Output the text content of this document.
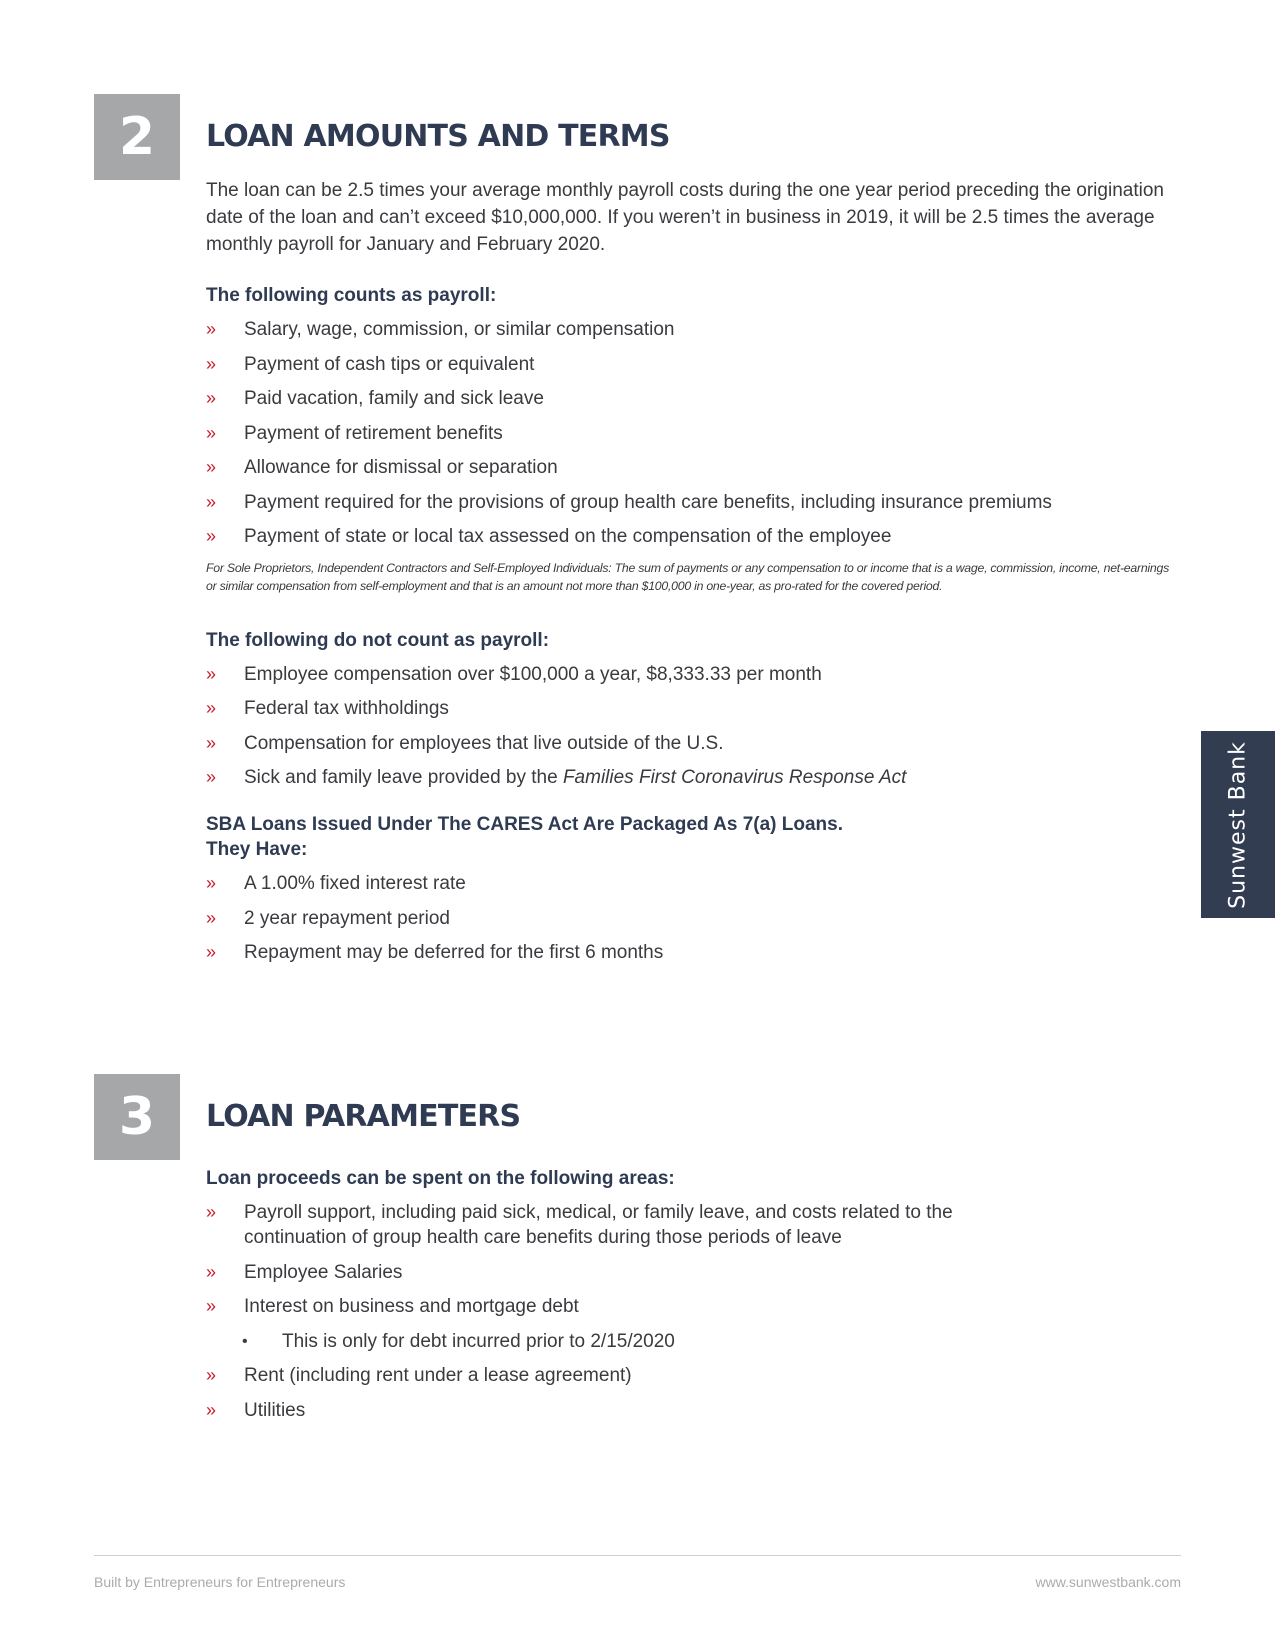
2	LOAN AMOUNTS AND TERMS

The loan can be 2.5 times your average monthly payroll costs during the one year period preceding the origination date of the loan and can’t exceed $10,000,000. If you weren’t in business in 2019, it will be 2.5 times the average monthly payroll for January and February 2020.

The following counts as payroll:

» Salary, wage, commission, or similar compensation
» Payment of cash tips or equivalent
» Paid vacation, family and sick leave
» Payment of retirement benefits
» Allowance for dismissal or separation
» Payment required for the provisions of group health care benefits, including insurance premiums
» Payment of state or local tax assessed on the compensation of the employee

For Sole Proprietors, Independent Contractors and Self-Employed Individuals: The sum of payments or any compensation to or income that is a wage, commission, income, net-earnings or similar compensation from self-employment and that is an amount not more than $100,000 in one-year, as pro-rated for the covered period.

The following do not count as payroll:

» Employee compensation over $100,000 a year, $8,333.33 per month
» Federal tax withholdings
» Compensation for employees that live outside of the U.S.
» Sick and family leave provided by the Families First Coronavirus Response Act

SBA Loans Issued Under The CARES Act Are Packaged As 7(a) Loans.
They Have:

» A 1.00% fixed interest rate
» 2 year repayment period
» Repayment may be deferred for the first 6 months
3	LOAN PARAMETERS

Loan proceeds can be spent on the following areas:

» Payroll support, including paid sick, medical, or family leave, and costs related to the continuation of group health care benefits during those periods of leave
» Employee Salaries
» Interest on business and mortgage debt
• This is only for debt incurred prior to 2/15/2020
» Rent (including rent under a lease agreement)
» Utilities
Sunwest Bank
Built by Entrepreneurs for Entrepreneurs	www.sunwestbank.com
